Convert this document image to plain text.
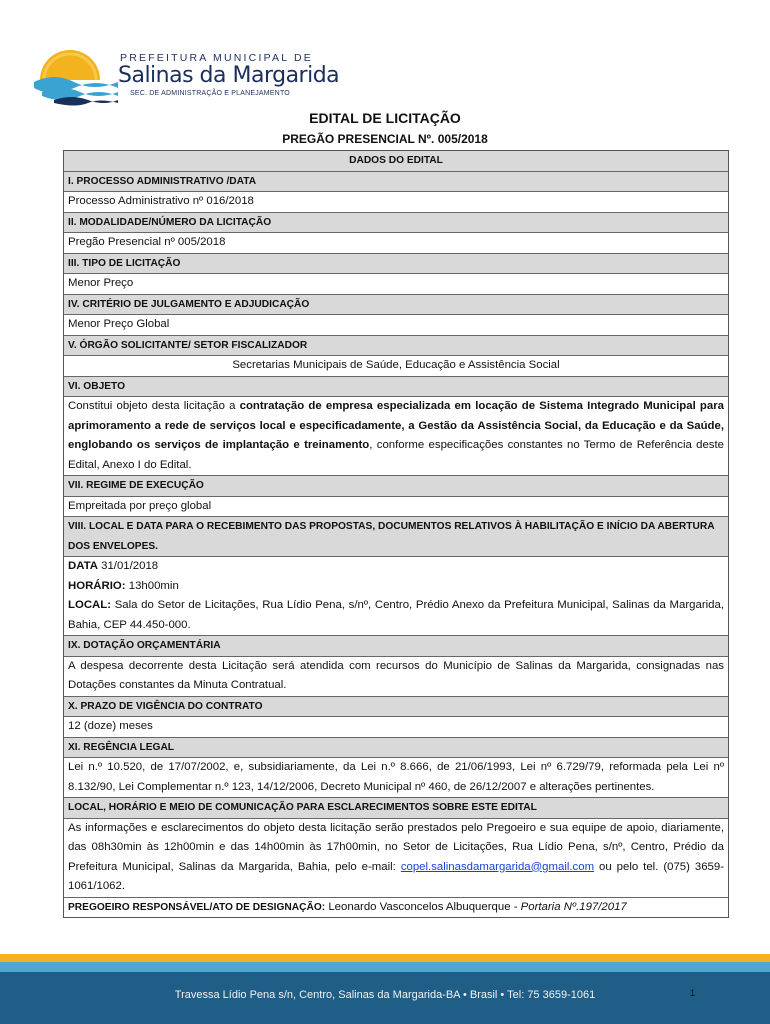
PREFEITURA MUNICIPAL DE
Salinas da Margarida
SEC. DE ADMINISTRAÇÃO E PLANEJAMENTO
EDITAL DE LICITAÇÃO
PREGÃO PRESENCIAL Nº. 005/2018
DADOS DO EDITAL
I. PROCESSO ADMINISTRATIVO /DATA
Processo Administrativo nº 016/2018
II. MODALIDADE/NÚMERO DA LICITAÇÃO
Pregão Presencial nº 005/2018
III. TIPO DE LICITAÇÃO
Menor Preço
IV. CRITÉRIO DE JULGAMENTO E ADJUDICAÇÃO
Menor Preço Global
V. ÓRGÃO SOLICITANTE/ SETOR FISCALIZADOR
Secretarias Municipais de Saúde, Educação e Assistência Social
VI. OBJETO
Constitui objeto desta licitação a contratação de empresa especializada em locação de Sistema Integrado Municipal para aprimoramento a rede de serviços local e especificadamente, a Gestão da Assistência Social, da Educação e da Saúde, englobando os serviços de implantação e treinamento, conforme especificações constantes no Termo de Referência deste Edital, Anexo I do Edital.
VII. REGIME DE EXECUÇÃO
Empreitada por preço global
VIII. LOCAL E DATA PARA O RECEBIMENTO DAS PROPOSTAS, DOCUMENTOS RELATIVOS À HABILITAÇÃO E INÍCIO DA ABERTURA DOS ENVELOPES.
DATA 31/01/2018
HORÁRIO: 13h00min
LOCAL: Sala do Setor de Licitações, Rua Lídio Pena, s/nº, Centro, Prédio Anexo da Prefeitura Municipal, Salinas da Margarida, Bahia, CEP 44.450-000.
IX. DOTAÇÃO ORÇAMENTÁRIA
A despesa decorrente desta Licitação será atendida com recursos do Município de Salinas da Margarida, consignadas nas Dotações constantes da Minuta Contratual.
X. PRAZO DE VIGÊNCIA DO CONTRATO
12 (doze) meses
XI. REGÊNCIA LEGAL
Lei n.º 10.520, de 17/07/2002, e, subsidiariamente, da Lei n.º 8.666, de 21/06/1993, Lei nº 6.729/79, reformada pela Lei nº 8.132/90, Lei Complementar n.º 123, 14/12/2006, Decreto Municipal nº 460, de 26/12/2007 e alterações pertinentes.
LOCAL, HORÁRIO E MEIO DE COMUNICAÇÃO PARA ESCLARECIMENTOS SOBRE ESTE EDITAL
As informações e esclarecimentos do objeto desta licitação serão prestados pelo Pregoeiro e sua equipe de apoio, diariamente, das 08h30min às 12h00min e das 14h00min às 17h00min, no Setor de Licitações, Rua Lídio Pena, s/nº, Centro, Prédio da Prefeitura Municipal, Salinas da Margarida, Bahia, pelo e-mail: copel.salinasdamargarida@gmail.com ou pelo tel. (075) 3659-1061/1062.
PREGOEIRO RESPONSÁVEL/ATO DE DESIGNAÇÃO: Leonardo Vasconcelos Albuquerque - Portaria Nº.197/2017
Travessa Lídio Pena s/n, Centro, Salinas da Margarida-BA • Brasil • Tel: 75 3659-1061	1
